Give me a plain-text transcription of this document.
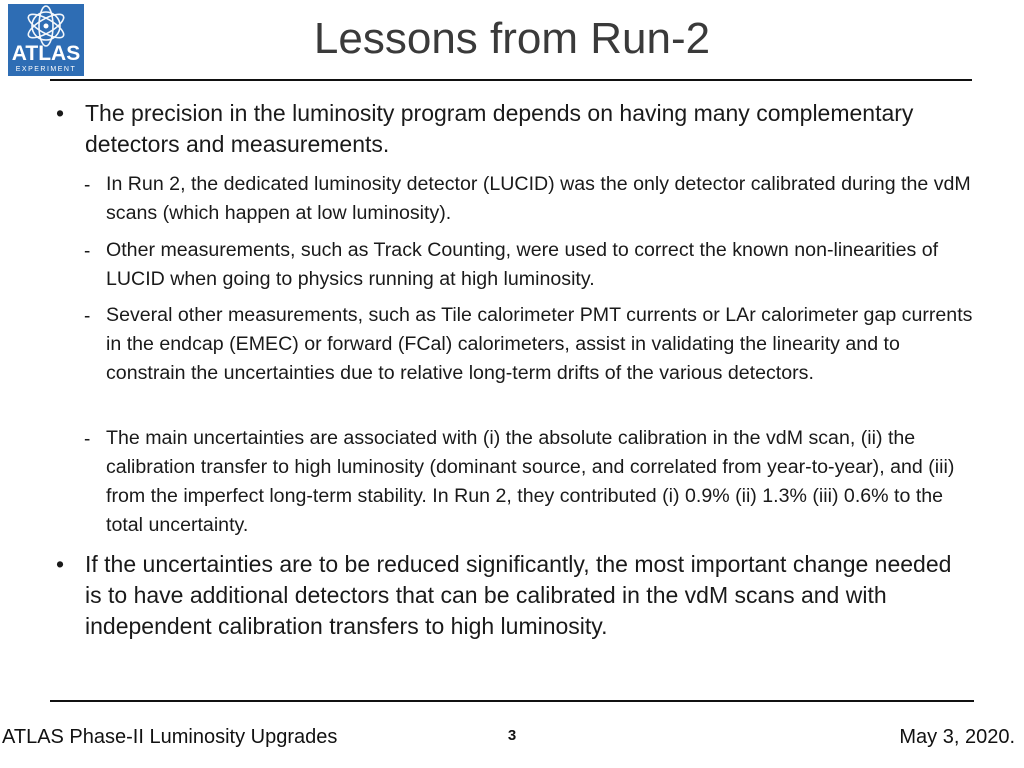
ATLAS
EXPERIMENT
Lessons from Run-2
• The precision in the luminosity program depends on having many complementary detectors and measurements.
- In Run 2, the dedicated luminosity detector (LUCID) was the only detector calibrated during the vdM scans (which happen at low luminosity).
- Other measurements, such as Track Counting, were used to correct the known non-linearities of LUCID when going to physics running at high luminosity.
- Several other measurements, such as Tile calorimeter PMT currents or LAr calorimeter gap currents in the endcap (EMEC) or forward (FCal) calorimeters, assist in validating the linearity and to constrain the uncertainties due to relative long-term drifts of the various detectors.
- The main uncertainties are associated with (i) the absolute calibration in the vdM scan, (ii) the calibration transfer to high luminosity (dominant source, and correlated from year-to-year), and (iii) from the imperfect long-term stability. In Run 2, they contributed (i) 0.9% (ii) 1.3% (iii) 0.6% to the total uncertainty.
• If the uncertainties are to be reduced significantly, the most important change needed is to have additional detectors that can be calibrated in the vdM scans and with independent calibration transfers to high luminosity.
ATLAS Phase-II Luminosity Upgrades	3	May 3, 2020.
